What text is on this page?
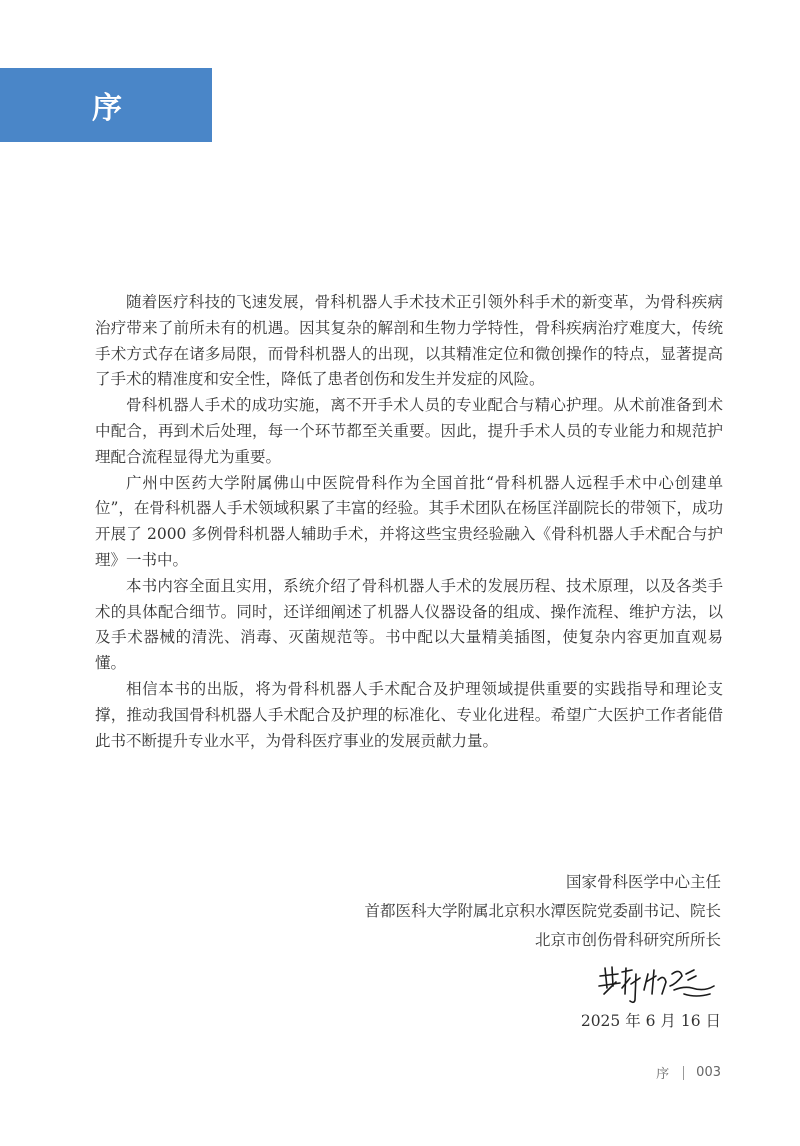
序

随着医疗科技的飞速发展，骨科机器人手术技术正引领外科手术的新变革，为骨科疾病治疗带来了前所未有的机遇。因其复杂的解剖和生物力学特性，骨科疾病治疗难度大，传统手术方式存在诸多局限，而骨科机器人的出现，以其精准定位和微创操作的特点，显著提高了手术的精准度和安全性，降低了患者创伤和发生并发症的风险。

骨科机器人手术的成功实施，离不开手术人员的专业配合与精心护理。从术前准备到术中配合，再到术后处理，每一个环节都至关重要。因此，提升手术人员的专业能力和规范护理配合流程显得尤为重要。

广州中医药大学附属佛山中医院骨科作为全国首批“骨科机器人远程手术中心创建单位”，在骨科机器人手术领域积累了丰富的经验。其手术团队在杨匡洋副院长的带领下，成功开展了 2000 多例骨科机器人辅助手术，并将这些宝贵经验融入《骨科机器人手术配合与护理》一书中。

本书内容全面且实用，系统介绍了骨科机器人手术的发展历程、技术原理，以及各类手术的具体配合细节。同时，还详细阐述了机器人仪器设备的组成、操作流程、维护方法，以及手术器械的清洗、消毒、灭菌规范等。书中配以大量精美插图，使复杂内容更加直观易懂。

相信本书的出版，将为骨科机器人手术配合及护理领域提供重要的实践指导和理论支撑，推动我国骨科机器人手术配合及护理的标准化、专业化进程。希望广大医护工作者能借此书不断提升专业水平，为骨科医疗事业的发展贡献力量。

国家骨科医学中心主任
首都医科大学附属北京积水潭医院党委副书记、院长
北京市创伤骨科研究所所长
2025 年 6 月 16 日
序 003
